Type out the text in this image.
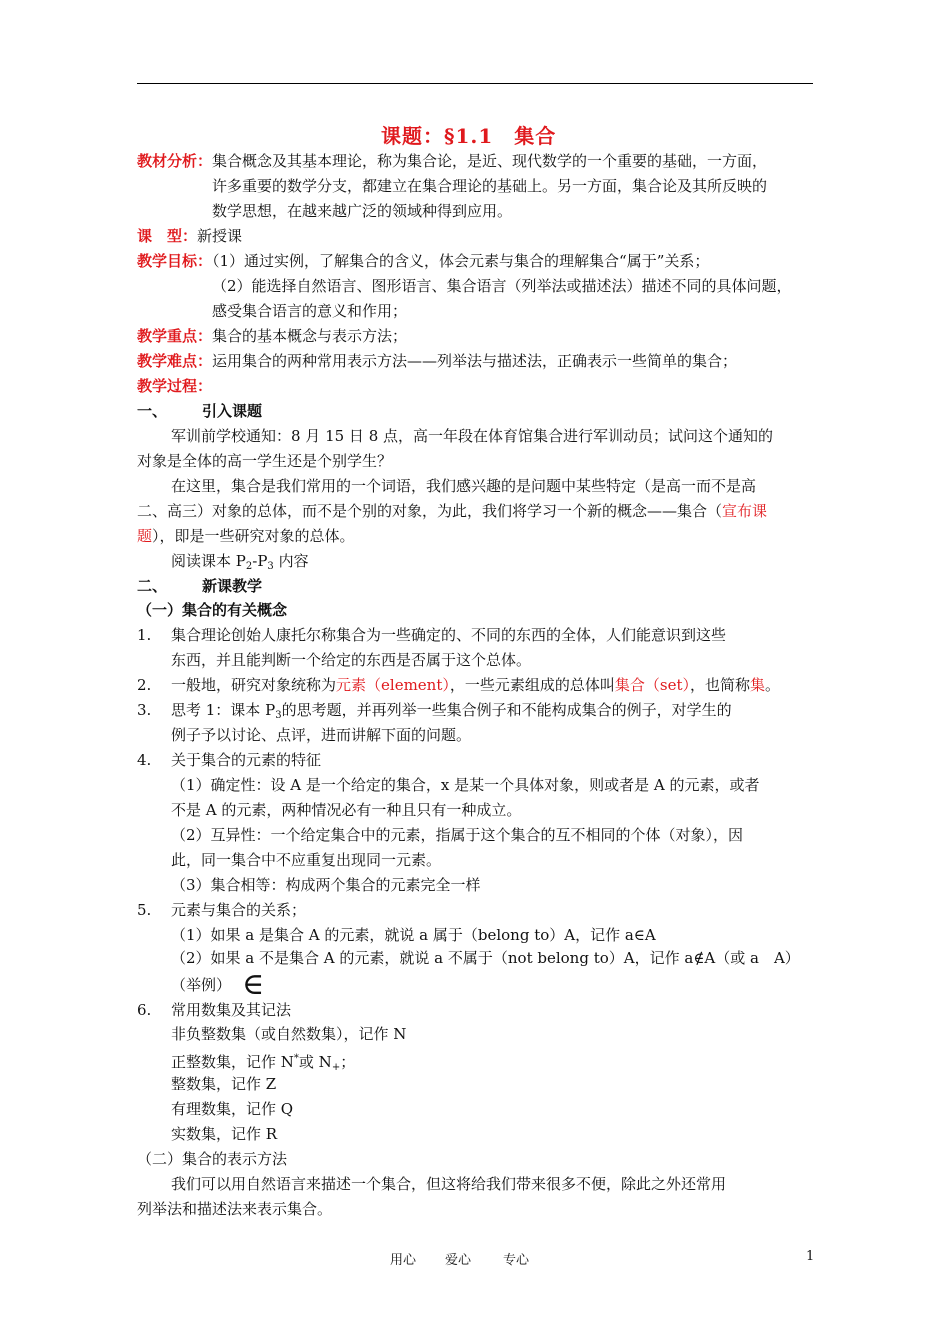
课题：§1.1　集合
教材分析：集合概念及其基本理论，称为集合论，是近、现代数学的一个重要的基础，一方面，
许多重要的数学分支，都建立在集合理论的基础上。另一方面，集合论及其所反映的
数学思想，在越来越广泛的领域种得到应用。
课　型：新授课
教学目标：（1）通过实例，了解集合的含义，体会元素与集合的理解集合“属于”关系；
（2）能选择自然语言、图形语言、集合语言（列举法或描述法）描述不同的具体问题，
感受集合语言的意义和作用；
教学重点：集合的基本概念与表示方法；
教学难点：运用集合的两种常用表示方法——列举法与描述法，正确表示一些简单的集合；
教学过程：
一、 引入课题
军训前学校通知：8 月 15 日 8 点，高一年段在体育馆集合进行军训动员；试问这个通知的
对象是全体的高一学生还是个别学生？
在这里，集合是我们常用的一个词语，我们感兴趣的是问题中某些特定（是高一而不是高
二、高三）对象的总体，而不是个别的对象，为此，我们将学习一个新的概念——集合（宣布课
题），即是一些研究对象的总体。
阅读课本 $P_2-P_3$ 内容
二、 新课教学
（一）集合的有关概念
1. 集合理论创始人康托尔称集合为一些确定的、不同的东西的全体，人们能意识到这些
东西，并且能判断一个给定的东西是否属于这个总体。
2. 一般地，研究对象统称为元素（element），一些元素组成的总体叫集合（set），也简称集。
3. 思考 1：课本 $P_3$的思考题，并再列举一些集合例子和不能构成集合的例子，对学生的
例子予以讨论、点评，进而讲解下面的问题。
4. 关于集合的元素的特征
（1）确定性：设 A 是一个给定的集合，x 是某一个具体对象，则或者是 A 的元素，或者
不是 A 的元素，两种情况必有一种且只有一种成立。
（2）互异性：一个给定集合中的元素，指属于这个集合的互不相同的个体（对象），因
此，同一集合中不应重复出现同一元素。
（3）集合相等：构成两个集合的元素完全一样
5. 元素与集合的关系；
（1）如果 a 是集合 A 的元素，就说 a 属于（belong to）A，记作 a∈A
（2）如果 a 不是集合 A 的元素，就说 a 不属于（not belong to）A，记作 a∉A（或 a　A）
（举例） ∈
6. 常用数集及其记法
非负整数集（或自然数集），记作 N
正整数集，记作 N*或 $N_+$；
整数集，记作 Z
有理数集，记作 Q
实数集，记作 R
（二）集合的表示方法
我们可以用自然语言来描述一个集合，但这将给我们带来很多不便，除此之外还常用
列举法和描述法来表示集合。
用心 爱心 专心	1
